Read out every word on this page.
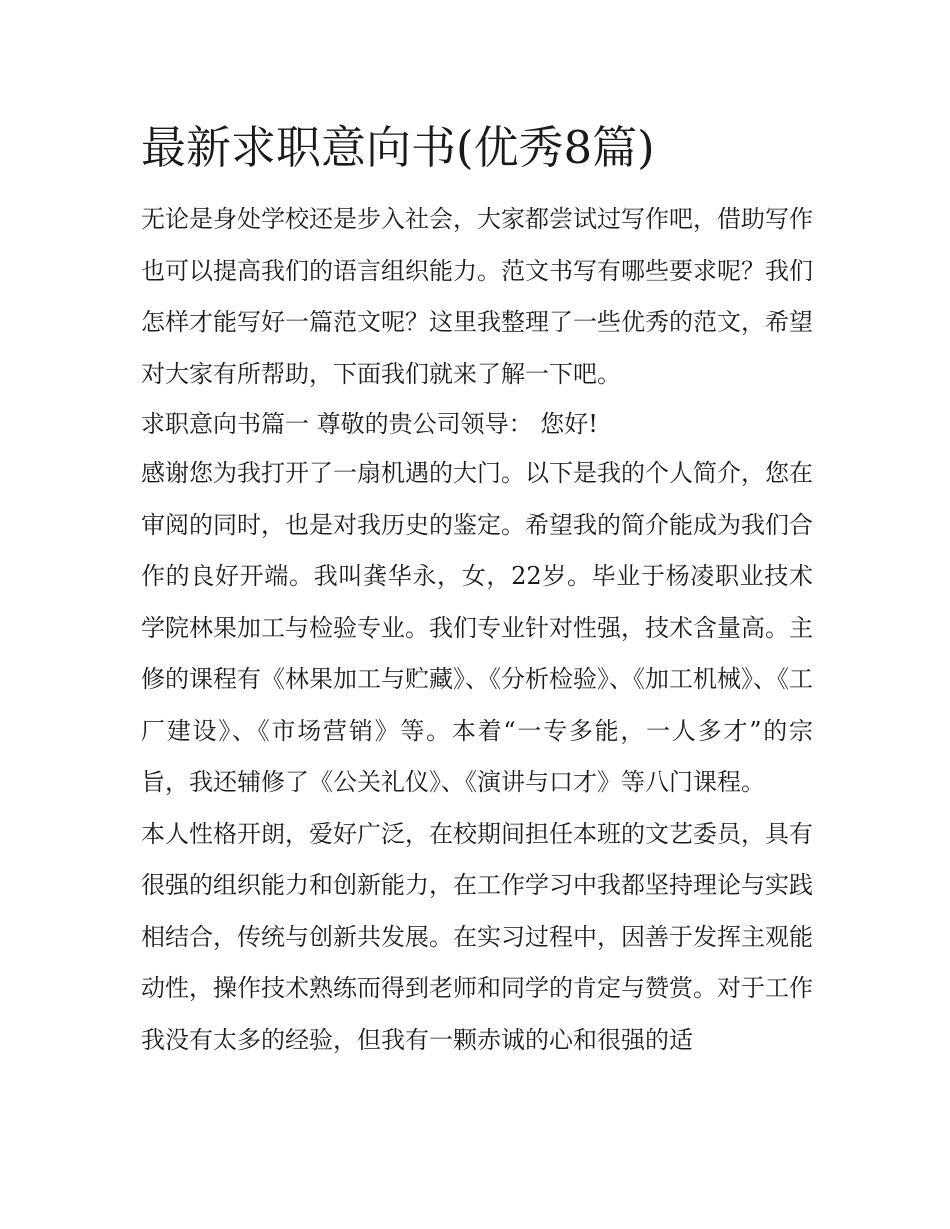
最新求职意向书(优秀8篇)

无论是身处学校还是步入社会，大家都尝试过写作吧，借助写作也可以提高我们的语言组织能力。范文书写有哪些要求呢？我们怎样才能写好一篇范文呢？这里我整理了一些优秀的范文，希望对大家有所帮助，下面我们就来了解一下吧。

求职意向书篇一 尊敬的贵公司领导： 您好!

感谢您为我打开了一扇机遇的大门。以下是我的个人简介，您在审阅的同时，也是对我历史的鉴定。希望我的简介能成为我们合作的良好开端。我叫龚华永，女，22岁。毕业于杨凌职业技术学院林果加工与检验专业。我们专业针对性强，技术含量高。主修的课程有《林果加工与贮藏》、《分析检验》、《加工机械》、《工厂建设》、《市场营销》等。本着“一专多能，一人多才”的宗旨，我还辅修了《公关礼仪》、《演讲与口才》等八门课程。

本人性格开朗，爱好广泛，在校期间担任本班的文艺委员，具有很强的组织能力和创新能力，在工作学习中我都坚持理论与实践相结合，传统与创新共发展。在实习过程中，因善于发挥主观能动性，操作技术熟练而得到老师和同学的肯定与赞赏。对于工作我没有太多的经验，但我有一颗赤诚的心和很强的适
